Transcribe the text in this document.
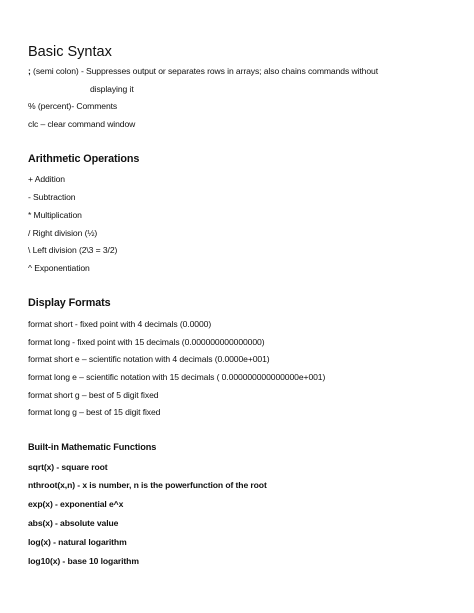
Basic Syntax
; (semi colon) - Suppresses output or separates rows in arrays; also chains commands without
displaying it
% (percent)- Comments
clc – clear command window
Arithmetic Operations
+ Addition
- Subtraction
* Multiplication
/ Right division (½)
\ Left division (2\3 = 3/2)
^ Exponentiation
Display Formats
format short - fixed point with 4 decimals (0.0000)
format long - fixed point with 15 decimals (0.000000000000000)
format short e – scientific notation with 4 decimals (0.0000e+001)
format long e – scientific notation with 15 decimals ( 0.000000000000000e+001)
format short g – best of 5 digit fixed
format long g – best of 15 digit fixed
Built-in Mathematic Functions
sqrt(x) - square root
nthroot(x,n) - x is number, n is the powerfunction of the root
exp(x) - exponential e^x
abs(x) - absolute value
log(x) - natural logarithm
log10(x) - base 10 logarithm
